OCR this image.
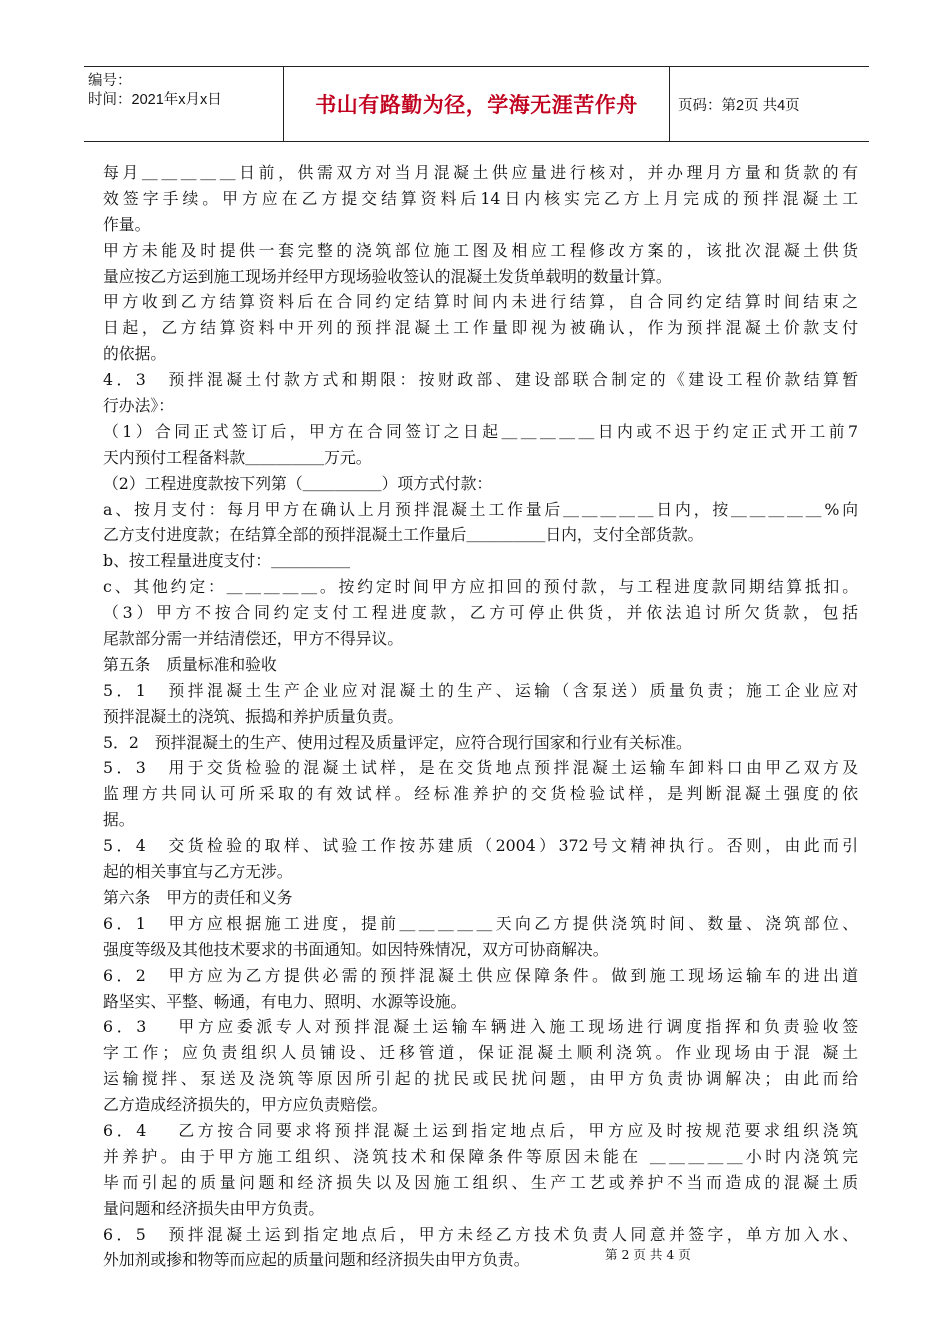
编号：
时间：2021年x月x日	书山有路勤为径，学海无涯苦作舟	页码：第2页 共4页
每月＿＿＿＿＿日前，供需双方对当月混凝土供应量进行核对，并办理月方量和货款的有
效签字手续。甲方应在乙方提交结算资料后14日内核实完乙方上月完成的预拌混凝土工
作量。
甲方未能及时提供一套完整的浇筑部位施工图及相应工程修改方案的，该批次混凝土供货
量应按乙方运到施工现场并经甲方现场验收签认的混凝土发货单载明的数量计算。
甲方收到乙方结算资料后在合同约定结算时间内未进行结算，自合同约定结算时间结束之
日起，乙方结算资料中开列的预拌混凝土工作量即视为被确认，作为预拌混凝土价款支付
的依据。
4．3　预拌混凝土付款方式和期限：按财政部、建设部联合制定的《建设工程价款结算暂
行办法》：
（1）合同正式签订后，甲方在合同签订之日起＿＿＿＿＿日内或不迟于约定正式开工前7
天内预付工程备料款＿＿＿＿＿万元。
（2）工程进度款按下列第（＿＿＿＿＿）项方式付款：
a、按月支付：每月甲方在确认上月预拌混凝土工作量后＿＿＿＿＿日内，按＿＿＿＿＿%向
乙方支付进度款；在结算全部的预拌混凝土工作量后＿＿＿＿＿日内，支付全部货款。
b、按工程量进度支付：＿＿＿＿＿
c、其他约定：＿＿＿＿＿。按约定时间甲方应扣回的预付款，与工程进度款同期结算抵扣。
（3）甲方不按合同约定支付工程进度款，乙方可停止供货，并依法追讨所欠货款，包括
尾款部分需一并结清偿还，甲方不得异议。
第五条　质量标准和验收
5．1　预拌混凝土生产企业应对混凝土的生产、运输（含泵送）质量负责；施工企业应对
预拌混凝土的浇筑、振捣和养护质量负责。
5．2　预拌混凝土的生产、使用过程及质量评定，应符合现行国家和行业有关标准。
5．3　用于交货检验的混凝土试样，是在交货地点预拌混凝土运输车卸料口由甲乙双方及
监理方共同认可所采取的有效试样。经标准养护的交货检验试样，是判断混凝土强度的依
据。
5．4　交货检验的取样、试验工作按苏建质（2004）372号文精神执行。否则，由此而引
起的相关事宜与乙方无涉。
第六条　甲方的责任和义务
6．1　甲方应根据施工进度，提前＿＿＿＿＿天向乙方提供浇筑时间、数量、浇筑部位、
强度等级及其他技术要求的书面通知。如因特殊情况，双方可协商解决。
6．2　甲方应为乙方提供必需的预拌混凝土供应保障条件。做到施工现场运输车的进出道
路坚实、平整、畅通，有电力、照明、水源等设施。
6．3　 甲方应委派专人对预拌混凝土运输车辆进入施工现场进行调度指挥和负责验收签
字工作；应负责组织人员铺设、迁移管道，保证混凝土顺利浇筑。作业现场由于混 凝土
运输搅拌、泵送及浇筑等原因所引起的扰民或民扰问题，由甲方负责协调解决；由此而给
乙方造成经济损失的，甲方应负责赔偿。
6．4　 乙方按合同要求将预拌混凝土运到指定地点后，甲方应及时按规范要求组织浇筑
并养护。由于甲方施工组织、浇筑技术和保障条件等原因未能在 ＿＿＿＿＿小时内浇筑完
毕而引起的质量问题和经济损失以及因施工组织、生产工艺或养护不当而造成的混凝土质
量问题和经济损失由甲方负责。
6．5　预拌混凝土运到指定地点后，甲方未经乙方技术负责人同意并签字，单方加入水、
外加剂或掺和物等而应起的质量问题和经济损失由甲方负责。	第 2 页 共 4 页
